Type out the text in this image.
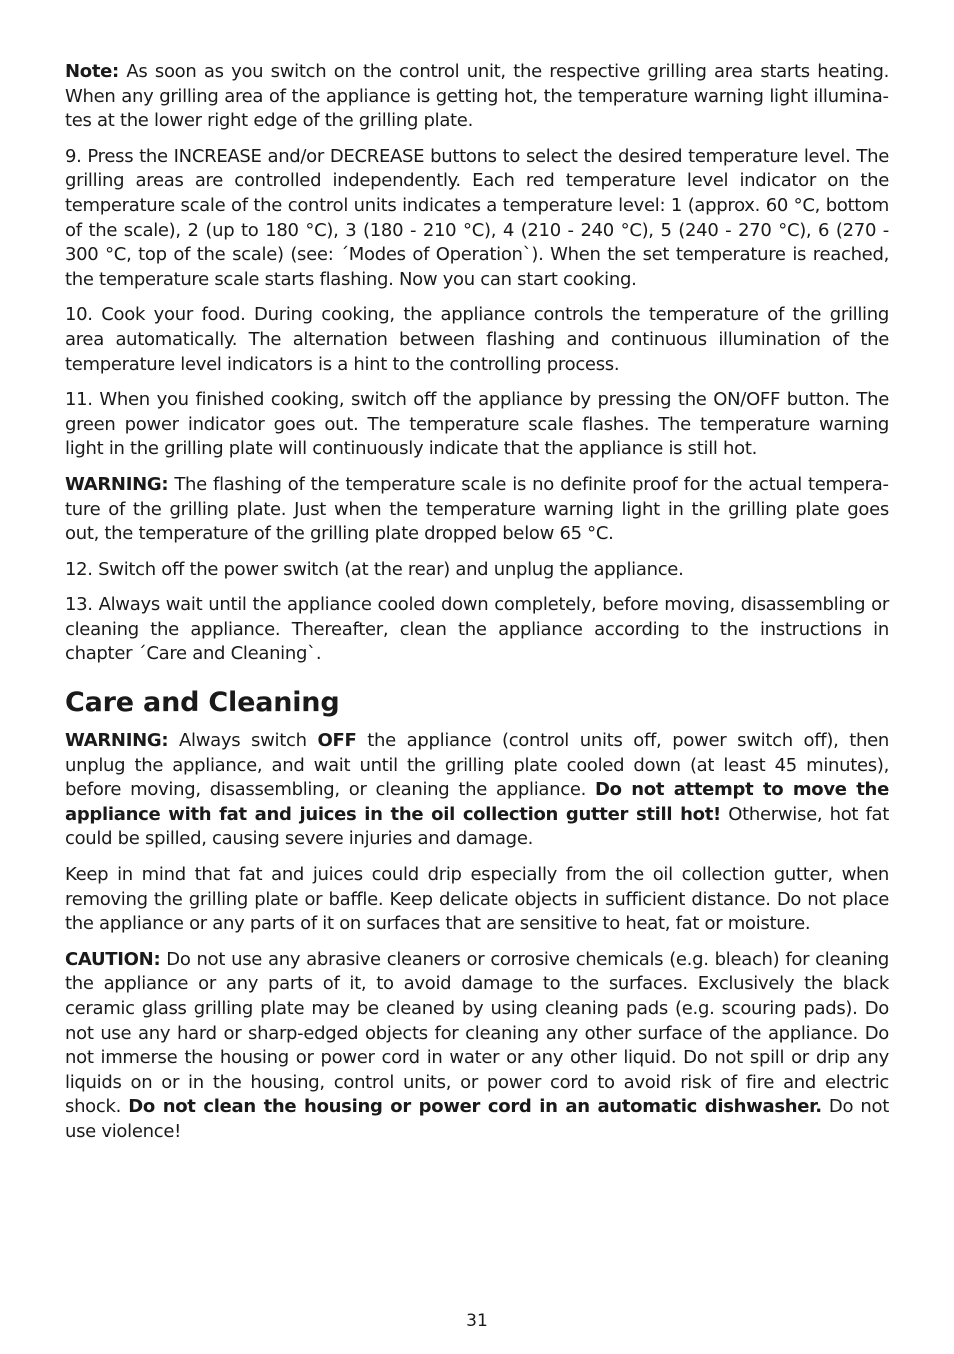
Note: As soon as you switch on the control unit, the respective grilling area starts heating. When any grilling area of the appliance is getting hot, the temperature warning light illuminates at the lower right edge of the grilling plate.

9. Press the INCREASE and/or DECREASE buttons to select the desired temperature level. The grilling areas are controlled independently. Each red temperature level indicator on the temperature scale of the control units indicates a temperature level: 1 (approx. 60 °C, bottom of the scale), 2 (up to 180 °C), 3 (180 - 210 °C), 4 (210 - 240 °C), 5 (240 - 270 °C), 6 (270 - 300 °C, top of the scale) (see: ´Modes of Operation`). When the set temperature is reached, the temperature scale starts flashing. Now you can start cooking.

10. Cook your food. During cooking, the appliance controls the temperature of the grilling area automatically. The alternation between flashing and continuous illumination of the temperature level indicators is a hint to the controlling process.

11. When you finished cooking, switch off the appliance by pressing the ON/OFF button. The green power indicator goes out. The temperature scale flashes. The temperature warning light in the grilling plate will continuously indicate that the appliance is still hot.

WARNING: The flashing of the temperature scale is no definite proof for the actual temperature of the grilling plate. Just when the temperature warning light in the grilling plate goes out, the temperature of the grilling plate dropped below 65 °C.

12. Switch off the power switch (at the rear) and unplug the appliance.

13. Always wait until the appliance cooled down completely, before moving, disassembling or cleaning the appliance. Thereafter, clean the appliance according to the instructions in chapter ´Care and Cleaning`.

Care and Cleaning

WARNING: Always switch OFF the appliance (control units off, power switch off), then unplug the appliance, and wait until the grilling plate cooled down (at least 45 minutes), before moving, disassembling, or cleaning the appliance. Do not attempt to move the appliance with fat and juices in the oil collection gutter still hot! Otherwise, hot fat could be spilled, causing severe injuries and damage.

Keep in mind that fat and juices could drip especially from the oil collection gutter, when removing the grilling plate or baffle. Keep delicate objects in sufficient distance. Do not place the appliance or any parts of it on surfaces that are sensitive to heat, fat or moisture.

CAUTION: Do not use any abrasive cleaners or corrosive chemicals (e.g. bleach) for cleaning the appliance or any parts of it, to avoid damage to the surfaces. Exclusively the black ceramic glass grilling plate may be cleaned by using cleaning pads (e.g. scouring pads). Do not use any hard or sharp-edged objects for cleaning any other surface of the appliance. Do not immerse the housing or power cord in water or any other liquid. Do not spill or drip any liquids on or in the housing, control units, or power cord to avoid risk of fire and electric shock. Do not clean the housing or power cord in an automatic dishwasher. Do not use violence!

31
